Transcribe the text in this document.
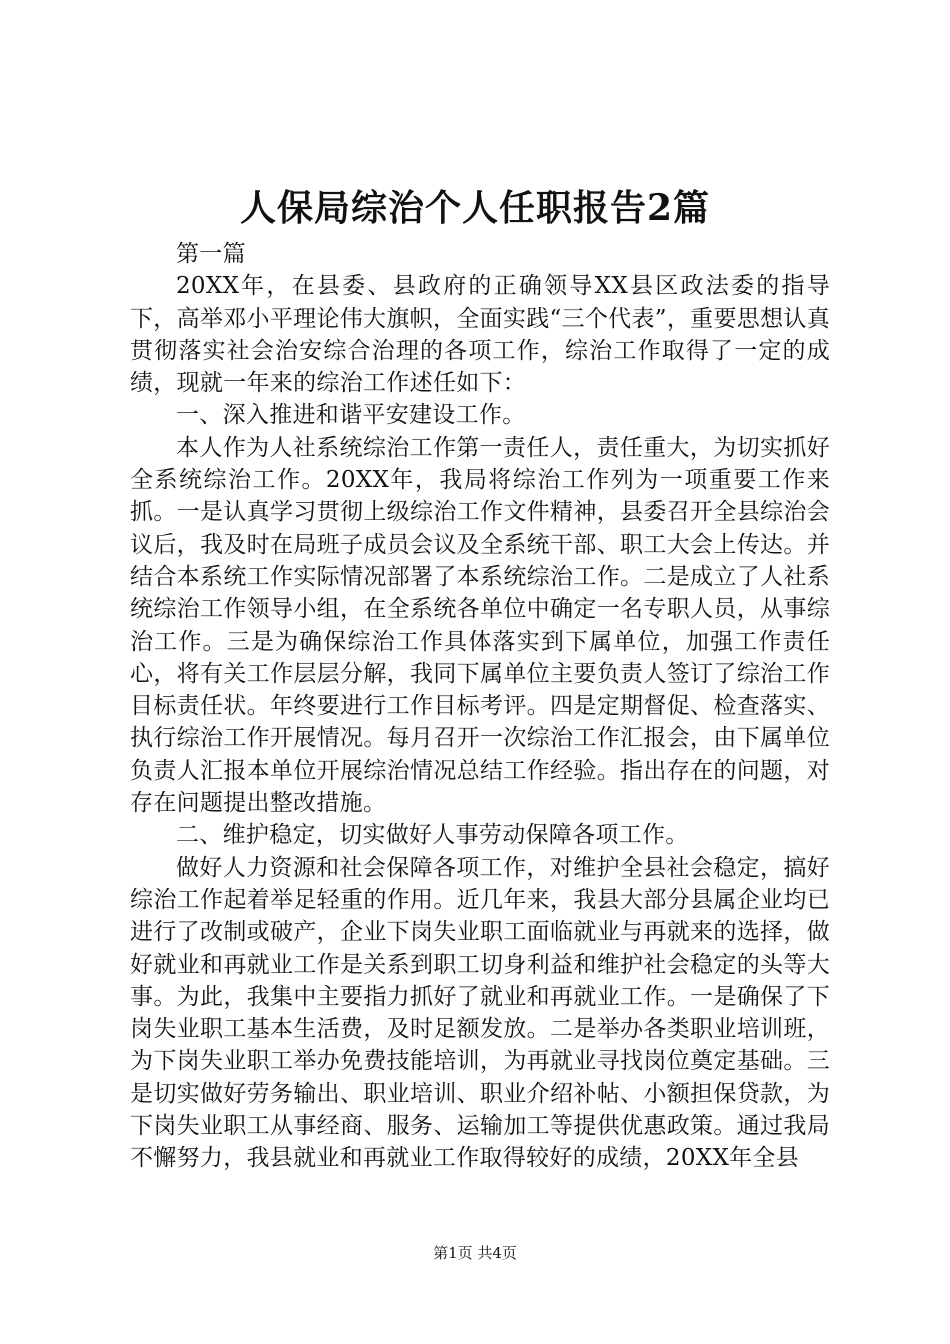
人保局综治个人任职报告2篇

第一篇

20XX年，在县委、县政府的正确领导XX县区政法委的指导下，高举邓小平理论伟大旗帜，全面实践“三个代表”，重要思想认真贯彻落实社会治安综合治理的各项工作，综治工作取得了一定的成绩，现就一年来的综治工作述任如下：

一、深入推进和谐平安建设工作。

本人作为人社系统综治工作第一责任人，责任重大，为切实抓好全系统综治工作。20XX年，我局将综治工作列为一项重要工作来抓。一是认真学习贯彻上级综治工作文件精神，县委召开全县综治会议后，我及时在局班子成员会议及全系统干部、职工大会上传达。并结合本系统工作实际情况部署了本系统综治工作。二是成立了人社系统综治工作领导小组，在全系统各单位中确定一名专职人员，从事综治工作。三是为确保综治工作具体落实到下属单位，加强工作责任心，将有关工作层层分解，我同下属单位主要负责人签订了综治工作目标责任状。年终要进行工作目标考评。四是定期督促、检查落实、执行综治工作开展情况。每月召开一次综治工作汇报会，由下属单位负责人汇报本单位开展综治情况总结工作经验。指出存在的问题，对存在问题提出整改措施。

二、维护稳定，切实做好人事劳动保障各项工作。

做好人力资源和社会保障各项工作，对维护全县社会稳定，搞好综治工作起着举足轻重的作用。近几年来，我县大部分县属企业均已进行了改制或破产，企业下岗失业职工面临就业与再就来的选择，做好就业和再就业工作是关系到职工切身利益和维护社会稳定的头等大事。为此，我集中主要指力抓好了就业和再就业工作。一是确保了下岗失业职工基本生活费，及时足额发放。二是举办各类职业培训班，为下岗失业职工举办免费技能培训，为再就业寻找岗位奠定基础。三是切实做好劳务输出、职业培训、职业介绍补帖、小额担保贷款，为下岗失业职工从事经商、服务、运输加工等提供优惠政策。通过我局不懈努力，我县就业和再就业工作取得较好的成绩，20XX年全县

第1页 共4页
